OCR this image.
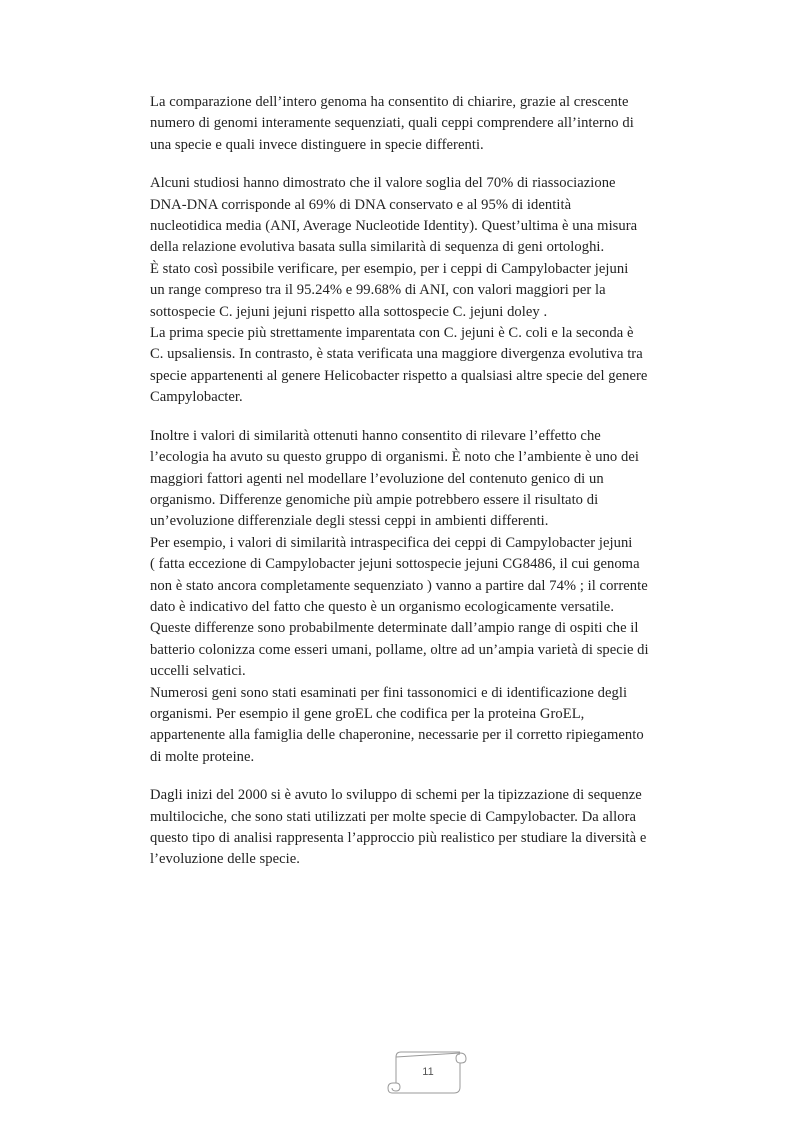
La comparazione dell’intero genoma ha consentito di chiarire, grazie al crescente
numero di genomi interamente sequenziati, quali ceppi comprendere all’interno di
una specie e quali invece distinguere in specie differenti.

Alcuni studiosi hanno dimostrato che il valore soglia del 70% di riassociazione
DNA-DNA corrisponde al 69% di DNA conservato e al 95% di identità
nucleotidica media (ANI, Average Nucleotide Identity). Quest’ultima è una misura
della relazione evolutiva basata sulla similarità di sequenza di geni ortologhi.
È stato così possibile verificare, per esempio, per i ceppi di Campylobacter jejuni
un range compreso tra il 95.24% e 99.68% di ANI, con valori maggiori per la
sottospecie C. jejuni jejuni rispetto alla sottospecie C. jejuni doley .
La prima specie più strettamente imparentata con C. jejuni è C. coli e la seconda è
C. upsaliensis. In contrasto, è stata verificata una maggiore divergenza evolutiva tra
specie appartenenti al genere Helicobacter rispetto a qualsiasi altre specie del genere
Campylobacter.

Inoltre i valori di similarità ottenuti hanno consentito di rilevare l’effetto che
l’ecologia ha avuto su questo gruppo di organismi. È noto che l’ambiente è uno dei
maggiori fattori agenti nel modellare l’evoluzione del contenuto genico di un
organismo. Differenze genomiche più ampie potrebbero essere il risultato di
un’evoluzione differenziale degli stessi ceppi in ambienti differenti.
Per esempio, i valori di similarità intraspecifica dei ceppi di Campylobacter jejuni
( fatta eccezione di Campylobacter jejuni sottospecie jejuni CG8486, il cui genoma
non è stato ancora completamente sequenziato ) vanno a partire dal 74% ; il corrente
dato è indicativo del fatto che questo è un organismo ecologicamente versatile.
Queste differenze sono probabilmente determinate dall’ampio range di ospiti che il
batterio colonizza come esseri umani, pollame, oltre ad un’ampia varietà di specie di
uccelli selvatici.
Numerosi geni sono stati esaminati per fini tassonomici e di identificazione degli
organismi. Per esempio il gene groEL che codifica per la proteina GroEL,
appartenente alla famiglia delle chaperonine, necessarie per il corretto ripiegamento
di molte proteine.

Dagli inizi del 2000 si è avuto lo sviluppo di schemi per la tipizzazione di sequenze
multilociche, che sono stati utilizzati per molte specie di Campylobacter. Da allora
questo tipo di analisi rappresenta l’approccio più realistico per studiare la diversità e
l’evoluzione delle specie.

11
